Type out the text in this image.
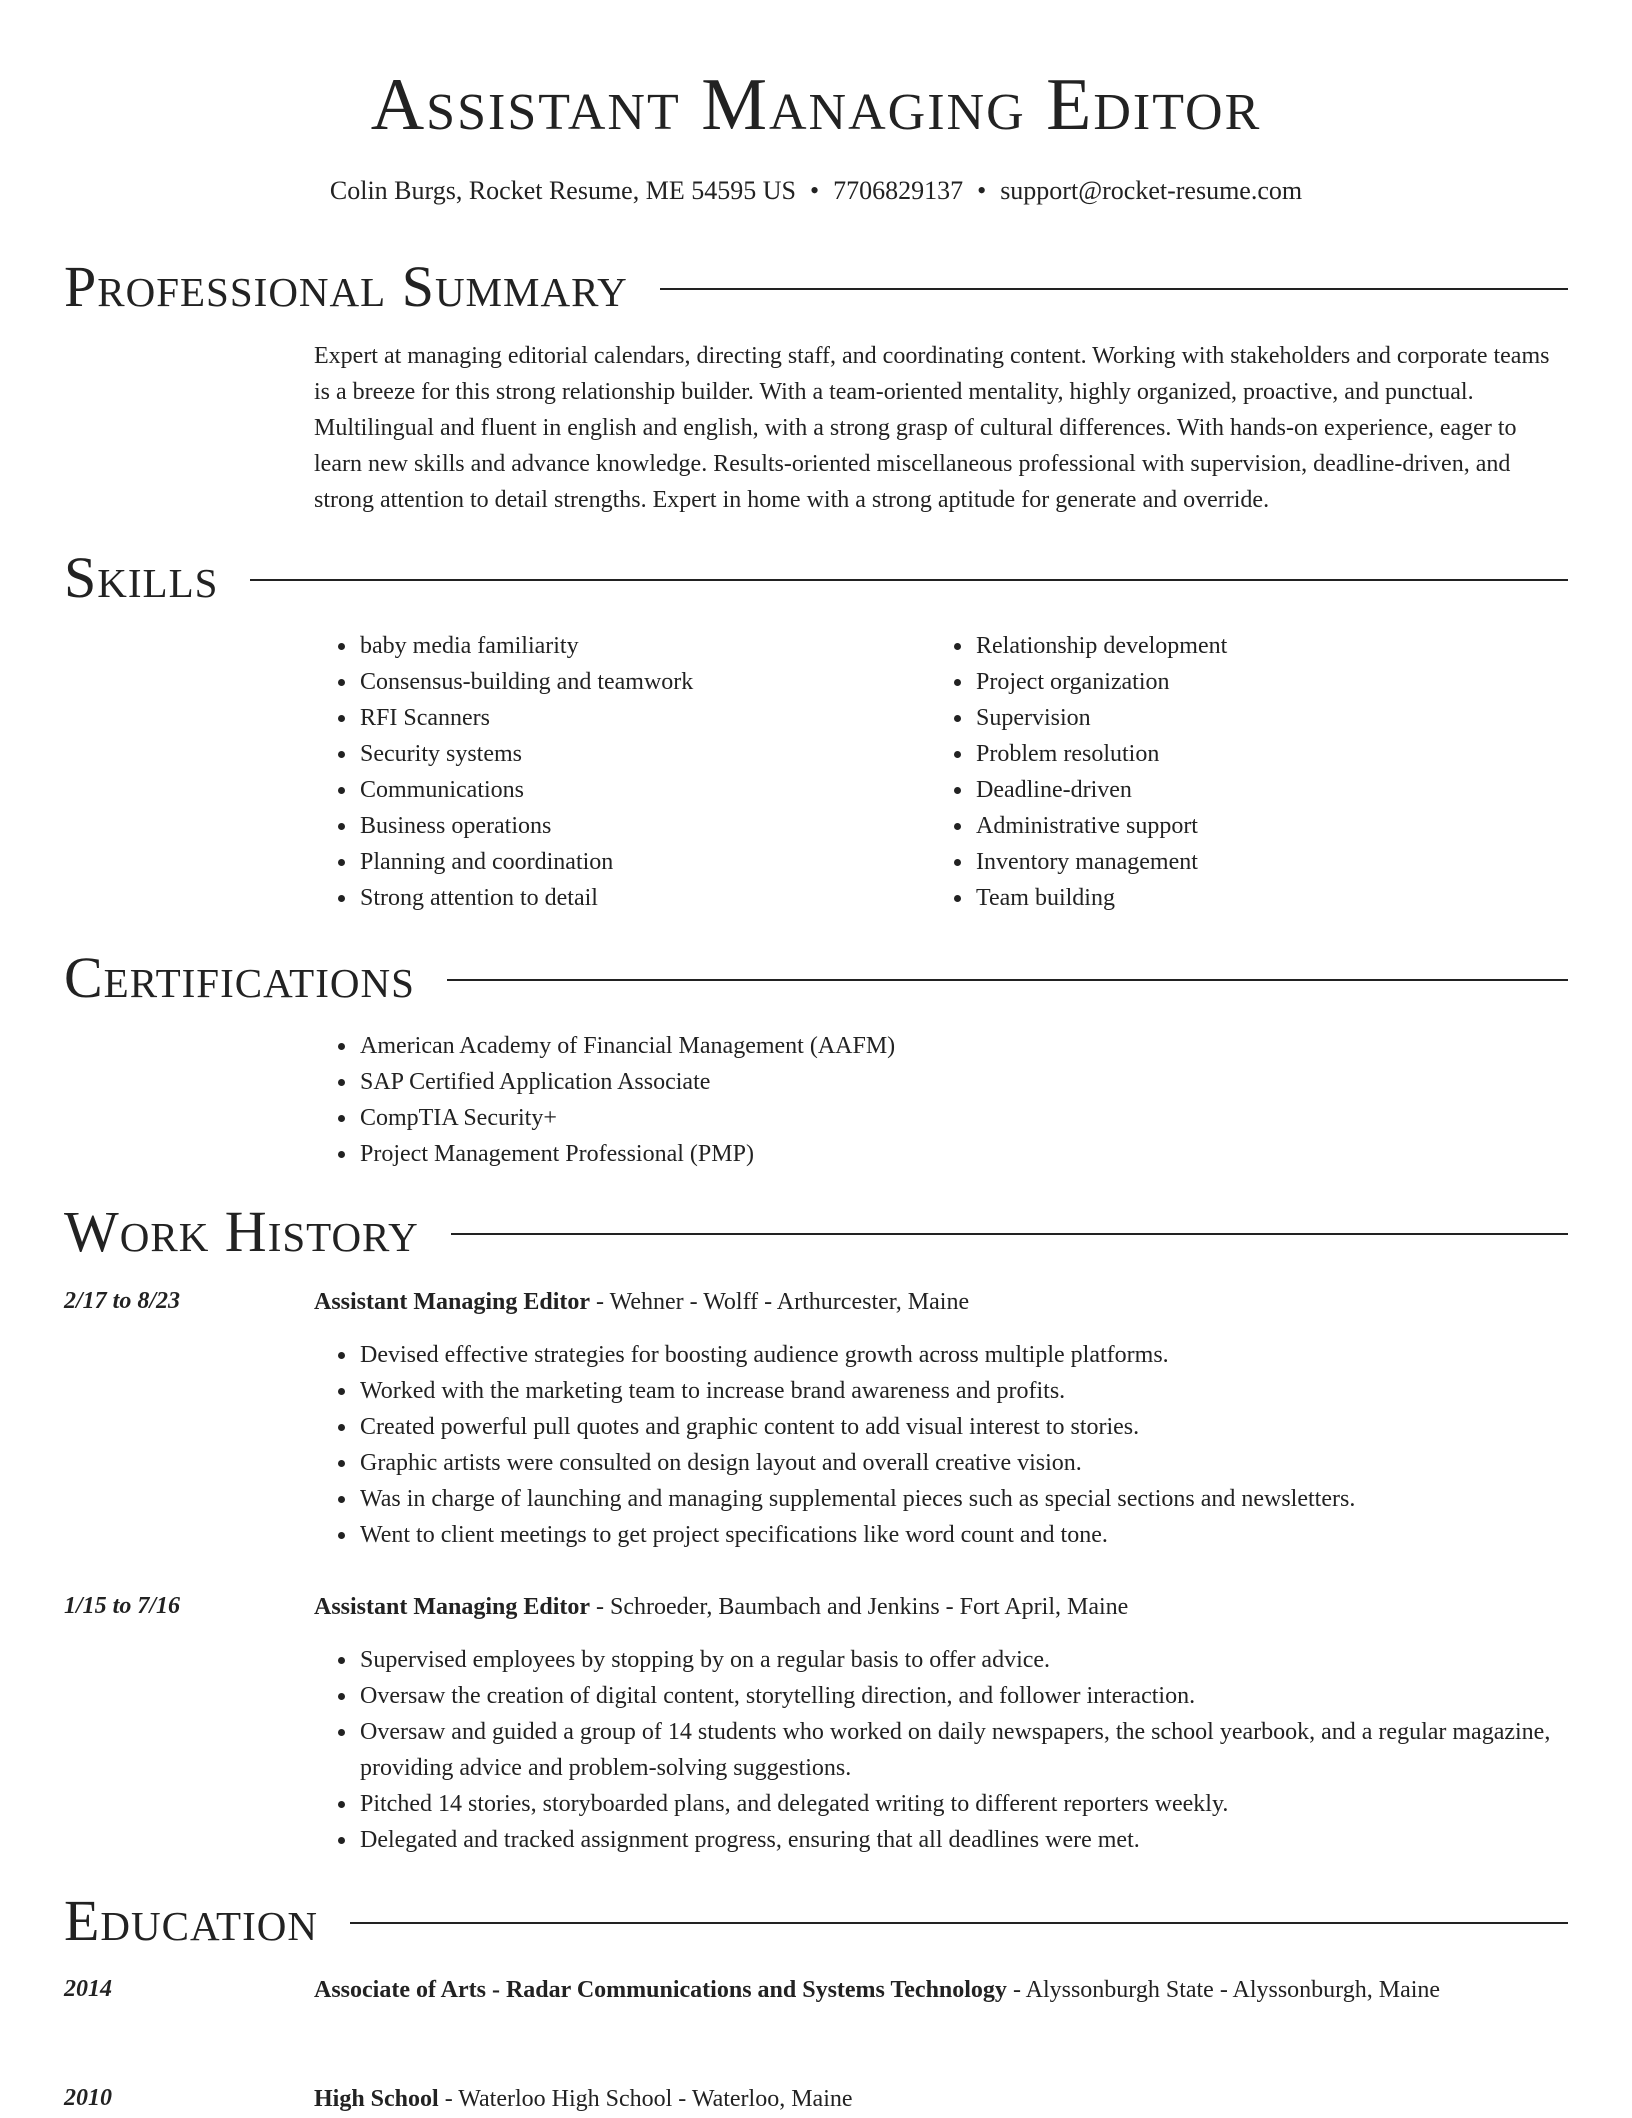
Assistant Managing Editor
Colin Burgs, Rocket Resume, ME 54595 US • 7706829137 • support@rocket-resume.com
Professional Summary
Expert at managing editorial calendars, directing staff, and coordinating content. Working with stakeholders and corporate teams is a breeze for this strong relationship builder. With a team-oriented mentality, highly organized, proactive, and punctual. Multilingual and fluent in english and english, with a strong grasp of cultural differences. With hands-on experience, eager to learn new skills and advance knowledge. Results-oriented miscellaneous professional with supervision, deadline-driven, and strong attention to detail strengths. Expert in home with a strong aptitude for generate and override.
Skills
• baby media familiarity
• Consensus-building and teamwork
• RFI Scanners
• Security systems
• Communications
• Business operations
• Planning and coordination
• Strong attention to detail
• Relationship development
• Project organization
• Supervision
• Problem resolution
• Deadline-driven
• Administrative support
• Inventory management
• Team building
Certifications
• American Academy of Financial Management (AAFM)
• SAP Certified Application Associate
• CompTIA Security+
• Project Management Professional (PMP)
Work History
2/17 to 8/23	Assistant Managing Editor - Wehner - Wolff - Arthurcester, Maine
• Devised effective strategies for boosting audience growth across multiple platforms.
• Worked with the marketing team to increase brand awareness and profits.
• Created powerful pull quotes and graphic content to add visual interest to stories.
• Graphic artists were consulted on design layout and overall creative vision.
• Was in charge of launching and managing supplemental pieces such as special sections and newsletters.
• Went to client meetings to get project specifications like word count and tone.
1/15 to 7/16	Assistant Managing Editor - Schroeder, Baumbach and Jenkins - Fort April, Maine
• Supervised employees by stopping by on a regular basis to offer advice.
• Oversaw the creation of digital content, storytelling direction, and follower interaction.
• Oversaw and guided a group of 14 students who worked on daily newspapers, the school yearbook, and a regular magazine, providing advice and problem-solving suggestions.
• Pitched 14 stories, storyboarded plans, and delegated writing to different reporters weekly.
• Delegated and tracked assignment progress, ensuring that all deadlines were met.
Education
2014	Associate of Arts - Radar Communications and Systems Technology - Alyssonburgh State - Alyssonburgh, Maine
2010	High School - Waterloo High School - Waterloo, Maine
